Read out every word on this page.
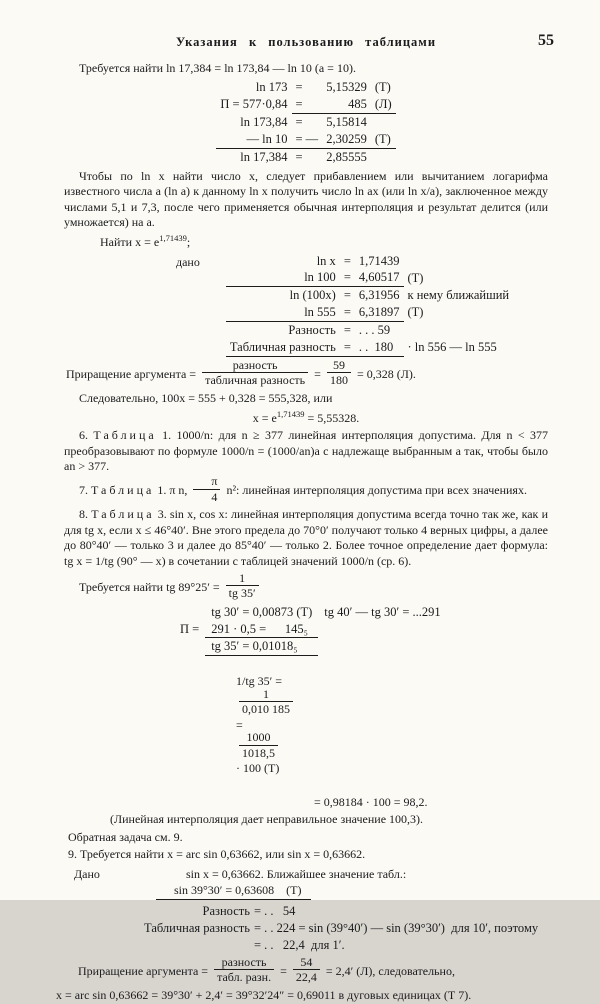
Указания к пользованию таблицами	55

Требуется найти ln 17,384 = ln 173,84 — ln 10 (a = 10).

ln 173	=	5,15329	(Т)
П = 577·0,84	=	485	(Л)
ln 173,84	=	5,15814	
— ln 10	= —	2,30259	(Т)
ln 17,384	=	2,85555	

Чтобы по ln x найти число x, следует прибавлением или вычитанием логарифма известного числа a (ln a) к данному ln x получить число ln ax (или ln x/a), заключенное между числами 5,1 и 7,3, после чего применяется обычная интерполяция и результат делится (или умножается) на a.

Найти $x = e^{1,71439}$;

дано	ln x	=	1,71439	
ln 100	=	4,60517	(Т)
ln (100x)	=	6,31956	к нему ближайший
ln 555	=	6,31897	(Т)
Разность	=	. . . 59	
Табличная разность	=	. .  180	· ln 556 — ln 555

Приращение аргумента = $\frac{\text{разность}}{\text{табличная разность}} = \frac{59}{180} = 0,328$ (Л).

Следовательно, 100x = 555 + 0,328 = 555,328, или

$x = e^{1,71439} = 5,55328$.

6. Таблица 1. 1000/n: для n ≥ 377 линейная интерполяция допустима. Для n < 377 преобразовывают по формуле 1000/n = (1000/an)a с надлежаще выбранным a так, чтобы было an > 377.

7. Таблица 1. π n, $\frac{\pi}{4} n^2$: линейная интерполяция допустима при всех значениях.

8. Таблица 3. sin x, cos x: линейная интерполяция допустима всегда точно так же, как и для tg x, если x ≤ 46°40′. Вне этого предела до 70°0′ получают только 4 верных цифры, а далее до 80°40′ — только 3 и далее до 85°40′ — только 2. Более точное определение дает формула: tg x = 1/tg (90° — x) в сочетании с таблицей значений 1000/n (ср. 6).

Требуется найти tg $89^\circ 25' = \frac{1}{tg 35'}$

	tg 30′ = 0,00873 (Т)	tg 40′ — tg 30′ = ...291
П =	291 · 0,5 =      145₅	
	tg 35′ = 0,01018₅	

1/tg 35′ =

$\frac{1}{0,010 185}$

=

$\frac{1000}{1018,5}$

· 100 (Т)

= 0,98184 · 100 = 98,2.

(Линейная интерполяция дает неправильное значение 100,3).

Обратная задача см. 9.

9. Требуется найти x = arc sin 0,63662, или sin x = 0,63662.

Дано	sin x = 0,63662. Ближайшее значение табл.:
sin 39°30′ = 0,63608    (Т)
Разность	= . .   54
Табличная разность	= . . 224 = sin (39°40′) — sin (39°30′)  для 10′, поэтому
	= . .   22,4  для 1′.

Приращение аргумента = $\frac{\text{разность}}{\text{табл. разн.}} = \frac{54}{22,4} = 2,4'$ (Л), следовательно,

x = arc sin 0,63662 = 39°30′ + 2,4′ = 39°32′24″ = 0,69011 в дуговых единицах (Т 7).
